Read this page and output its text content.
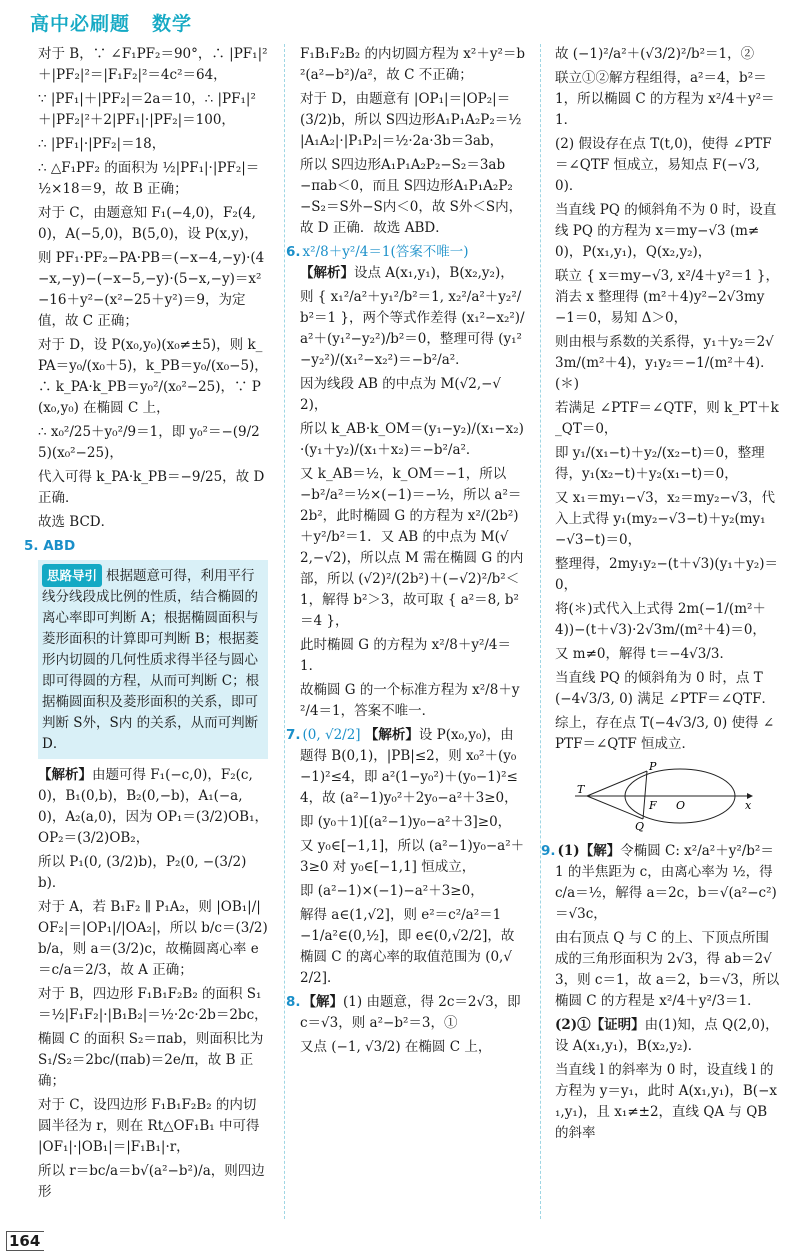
高中必刷题 数学

对于 B，∵ ∠F₁PF₂＝90°，∴ |PF₁|²＋|PF₂|²＝|F₁F₂|²＝4c²＝64，

∵ |PF₁|＋|PF₂|＝2a＝10，∴ |PF₁|²＋|PF₂|²＋2|PF₁|·|PF₂|＝100，

∴ |PF₁|·|PF₂|＝18，

∴ △F₁PF₂ 的面积为 ½|PF₁|·|PF₂|＝½×18＝9，故 B 正确；

对于 C，由题意知 F₁(−4,0)，F₂(4,0)，A(−5,0)，B(5,0)，设 P(x,y)，

则 PF₁·PF₂−PA·PB＝(−x−4,−y)·(4−x,−y)−(−x−5,−y)·(5−x,−y)＝x²−16＋y²−(x²−25＋y²)＝9，为定值，故 C 正确；

对于 D，设 P(x₀,y₀)(x₀≠±5)，则 k_PA＝y₀/(x₀＋5)，k_PB＝y₀/(x₀−5)，∴ k_PA·k_PB＝y₀²/(x₀²−25)，∵ P(x₀,y₀) 在椭圆 C 上，

∴ x₀²/25＋y₀²/9＝1，即 y₀²＝−(9/25)(x₀²−25)，

代入可得 k_PA·k_PB＝−9/25，故 D 正确．

故选 BCD．

5. ABD

思路导引 根据题意可得，利用平行线分线段成比例的性质，结合椭圆的离心率即可判断 A；根据椭圆面积与菱形面积的计算即可判断 B；根据菱形内切圆的几何性质求得半径与圆心即可得圆的方程，从而可判断 C；根据椭圆面积及菱形面积的关系，即可判断 S外，S内 的关系，从而可判断 D．

【解析】由题可得 F₁(−c,0)，F₂(c,0)，B₁(0,b)，B₂(0,−b)，A₁(−a,0)，A₂(a,0)，因为 OP₁＝(3/2)OB₁，OP₂＝(3/2)OB₂，

所以 P₁(0, (3/2)b)，P₂(0, −(3/2)b)．

对于 A，若 B₁F₂ ∥ P₁A₂，则 |OB₁|/|OF₂|＝|OP₁|/|OA₂|，所以 b/c＝(3/2)b/a，则 a＝(3/2)c，故椭圆离心率 e＝c/a＝2/3，故 A 正确；

对于 B，四边形 F₁B₁F₂B₂ 的面积 S₁＝½|F₁F₂|·|B₁B₂|＝½·2c·2b＝2bc，

椭圆 C 的面积 S₂＝πab，则面积比为 S₁/S₂＝2bc/(πab)＝2e/π，故 B 正确；

对于 C，设四边形 F₁B₁F₂B₂ 的内切圆半径为 r，则在 Rt△OF₁B₁ 中可得 |OF₁|·|OB₁|＝|F₁B₁|·r，

所以 r＝bc/a＝b√(a²−b²)/a，则四边形

F₁B₁F₂B₂ 的内切圆方程为 x²＋y²＝b²(a²−b²)/a²，故 C 不正确；

对于 D，由题意有 |OP₁|＝|OP₂|＝(3/2)b，所以 S四边形A₁P₁A₂P₂＝½|A₁A₂|·|P₁P₂|＝½·2a·3b＝3ab，

所以 S四边形A₁P₁A₂P₂−S₂＝3ab−πab＜0，而且 S四边形A₁P₁A₂P₂−S₂＝S外−S内＜0，故 S外＜S内，故 D 正确．故选 ABD．

6. x²/8＋y²/4＝1(答案不唯一) 【解析】设点 A(x₁,y₁)，B(x₂,y₂)，

则 { x₁²/a²＋y₁²/b²＝1, x₂²/a²＋y₂²/b²＝1 }，两个等式作差得 (x₁²−x₂²)/a²＋(y₁²−y₂²)/b²＝0，整理可得 (y₁²−y₂²)/(x₁²−x₂²)＝−b²/a²．

因为线段 AB 的中点为 M(√2,−√2)，

所以 k_AB·k_OM＝(y₁−y₂)/(x₁−x₂)·(y₁＋y₂)/(x₁＋x₂)＝−b²/a²．

又 k_AB＝½，k_OM＝−1，所以 −b²/a²＝½×(−1)＝−½，所以 a²＝2b²，此时椭圆 G 的方程为 x²/(2b²)＋y²/b²＝1．又 AB 的中点为 M(√2,−√2)，所以点 M 需在椭圆 G 的内部，所以 (√2)²/(2b²)＋(−√2)²/b²＜1，解得 b²＞3，故可取 { a²＝8, b²＝4 }，

此时椭圆 G 的方程为 x²/8＋y²/4＝1．

故椭圆 G 的一个标准方程为 x²/8＋y²/4＝1，答案不唯一．

7. (0, √2/2] 【解析】设 P(x₀,y₀)，由题得 B(0,1)，|PB|≤2，则 x₀²＋(y₀−1)²≤4，即 a²(1−y₀²)＋(y₀−1)²≤4，故 (a²−1)y₀²＋2y₀−a²＋3≥0，

即 (y₀＋1)[(a²−1)y₀−a²＋3]≥0，

又 y₀∈[−1,1]，所以 (a²−1)y₀−a²＋3≥0 对 y₀∈[−1,1] 恒成立，

即 (a²−1)×(−1)−a²＋3≥0，

解得 a∈(1,√2]，则 e²＝c²/a²＝1−1/a²∈(0,½]，即 e∈(0,√2/2]，故椭圆 C 的离心率的取值范围为 (0,√2/2]．

8. 【解】(1) 由题意，得 2c＝2√3，即 c＝√3，则 a²−b²＝3，①

又点 (−1, √3/2) 在椭圆 C 上，

故 (−1)²/a²＋(√3/2)²/b²＝1，②

联立①②解方程组得，a²＝4，b²＝1，所以椭圆 C 的方程为 x²/4＋y²＝1．

(2) 假设存在点 T(t,0)，使得 ∠PTF＝∠QTF 恒成立，易知点 F(−√3,0)．

当直线 PQ 的倾斜角不为 0 时，设直线 PQ 的方程为 x＝my−√3 (m≠0)，P(x₁,y₁)，Q(x₂,y₂)，

联立 { x＝my−√3, x²/4＋y²＝1 }，消去 x 整理得 (m²＋4)y²−2√3my−1＝0，易知 Δ＞0，

则由根与系数的关系得，y₁＋y₂＝2√3m/(m²＋4)，y₁y₂＝−1/(m²＋4)．(＊)

若满足 ∠PTF＝∠QTF，则 k_PT＋k_QT＝0，

即 y₁/(x₁−t)＋y₂/(x₂−t)＝0，整理得，y₁(x₂−t)＋y₂(x₁−t)＝0，

又 x₁＝my₁−√3，x₂＝my₂−√3，代入上式得 y₁(my₂−√3−t)＋y₂(my₁−√3−t)＝0，

整理得，2my₁y₂−(t＋√3)(y₁＋y₂)＝0，

将(＊)式代入上式得 2m(−1/(m²＋4))−(t＋√3)·2√3m/(m²＋4)＝0，

又 m≠0，解得 t＝−4√3/3．

当直线 PQ 的倾斜角为 0 时，点 T(−4√3/3, 0) 满足 ∠PTF＝∠QTF．

综上，存在点 T(−4√3/3, 0) 使得 ∠PTF＝∠QTF 恒成立．

T
P
F O
Q
x

9. (1)【解】令椭圆 C: x²/a²＋y²/b²＝1 的半焦距为 c，由离心率为 ½，得 c/a＝½，解得 a＝2c，b＝√(a²−c²)＝√3c，

由右顶点 Q 与 C 的上、下顶点所围成的三角形面积为 2√3，得 ab＝2√3，则 c＝1，故 a＝2，b＝√3，所以椭圆 C 的方程是 x²/4＋y²/3＝1．

(2)①【证明】由(1)知，点 Q(2,0)，设 A(x₁,y₁)，B(x₂,y₂)．

当直线 l 的斜率为 0 时，设直线 l 的方程为 y＝y₁，此时 A(x₁,y₁)，B(−x₁,y₁)，且 x₁≠±2，直线 QA 与 QB 的斜率

164
